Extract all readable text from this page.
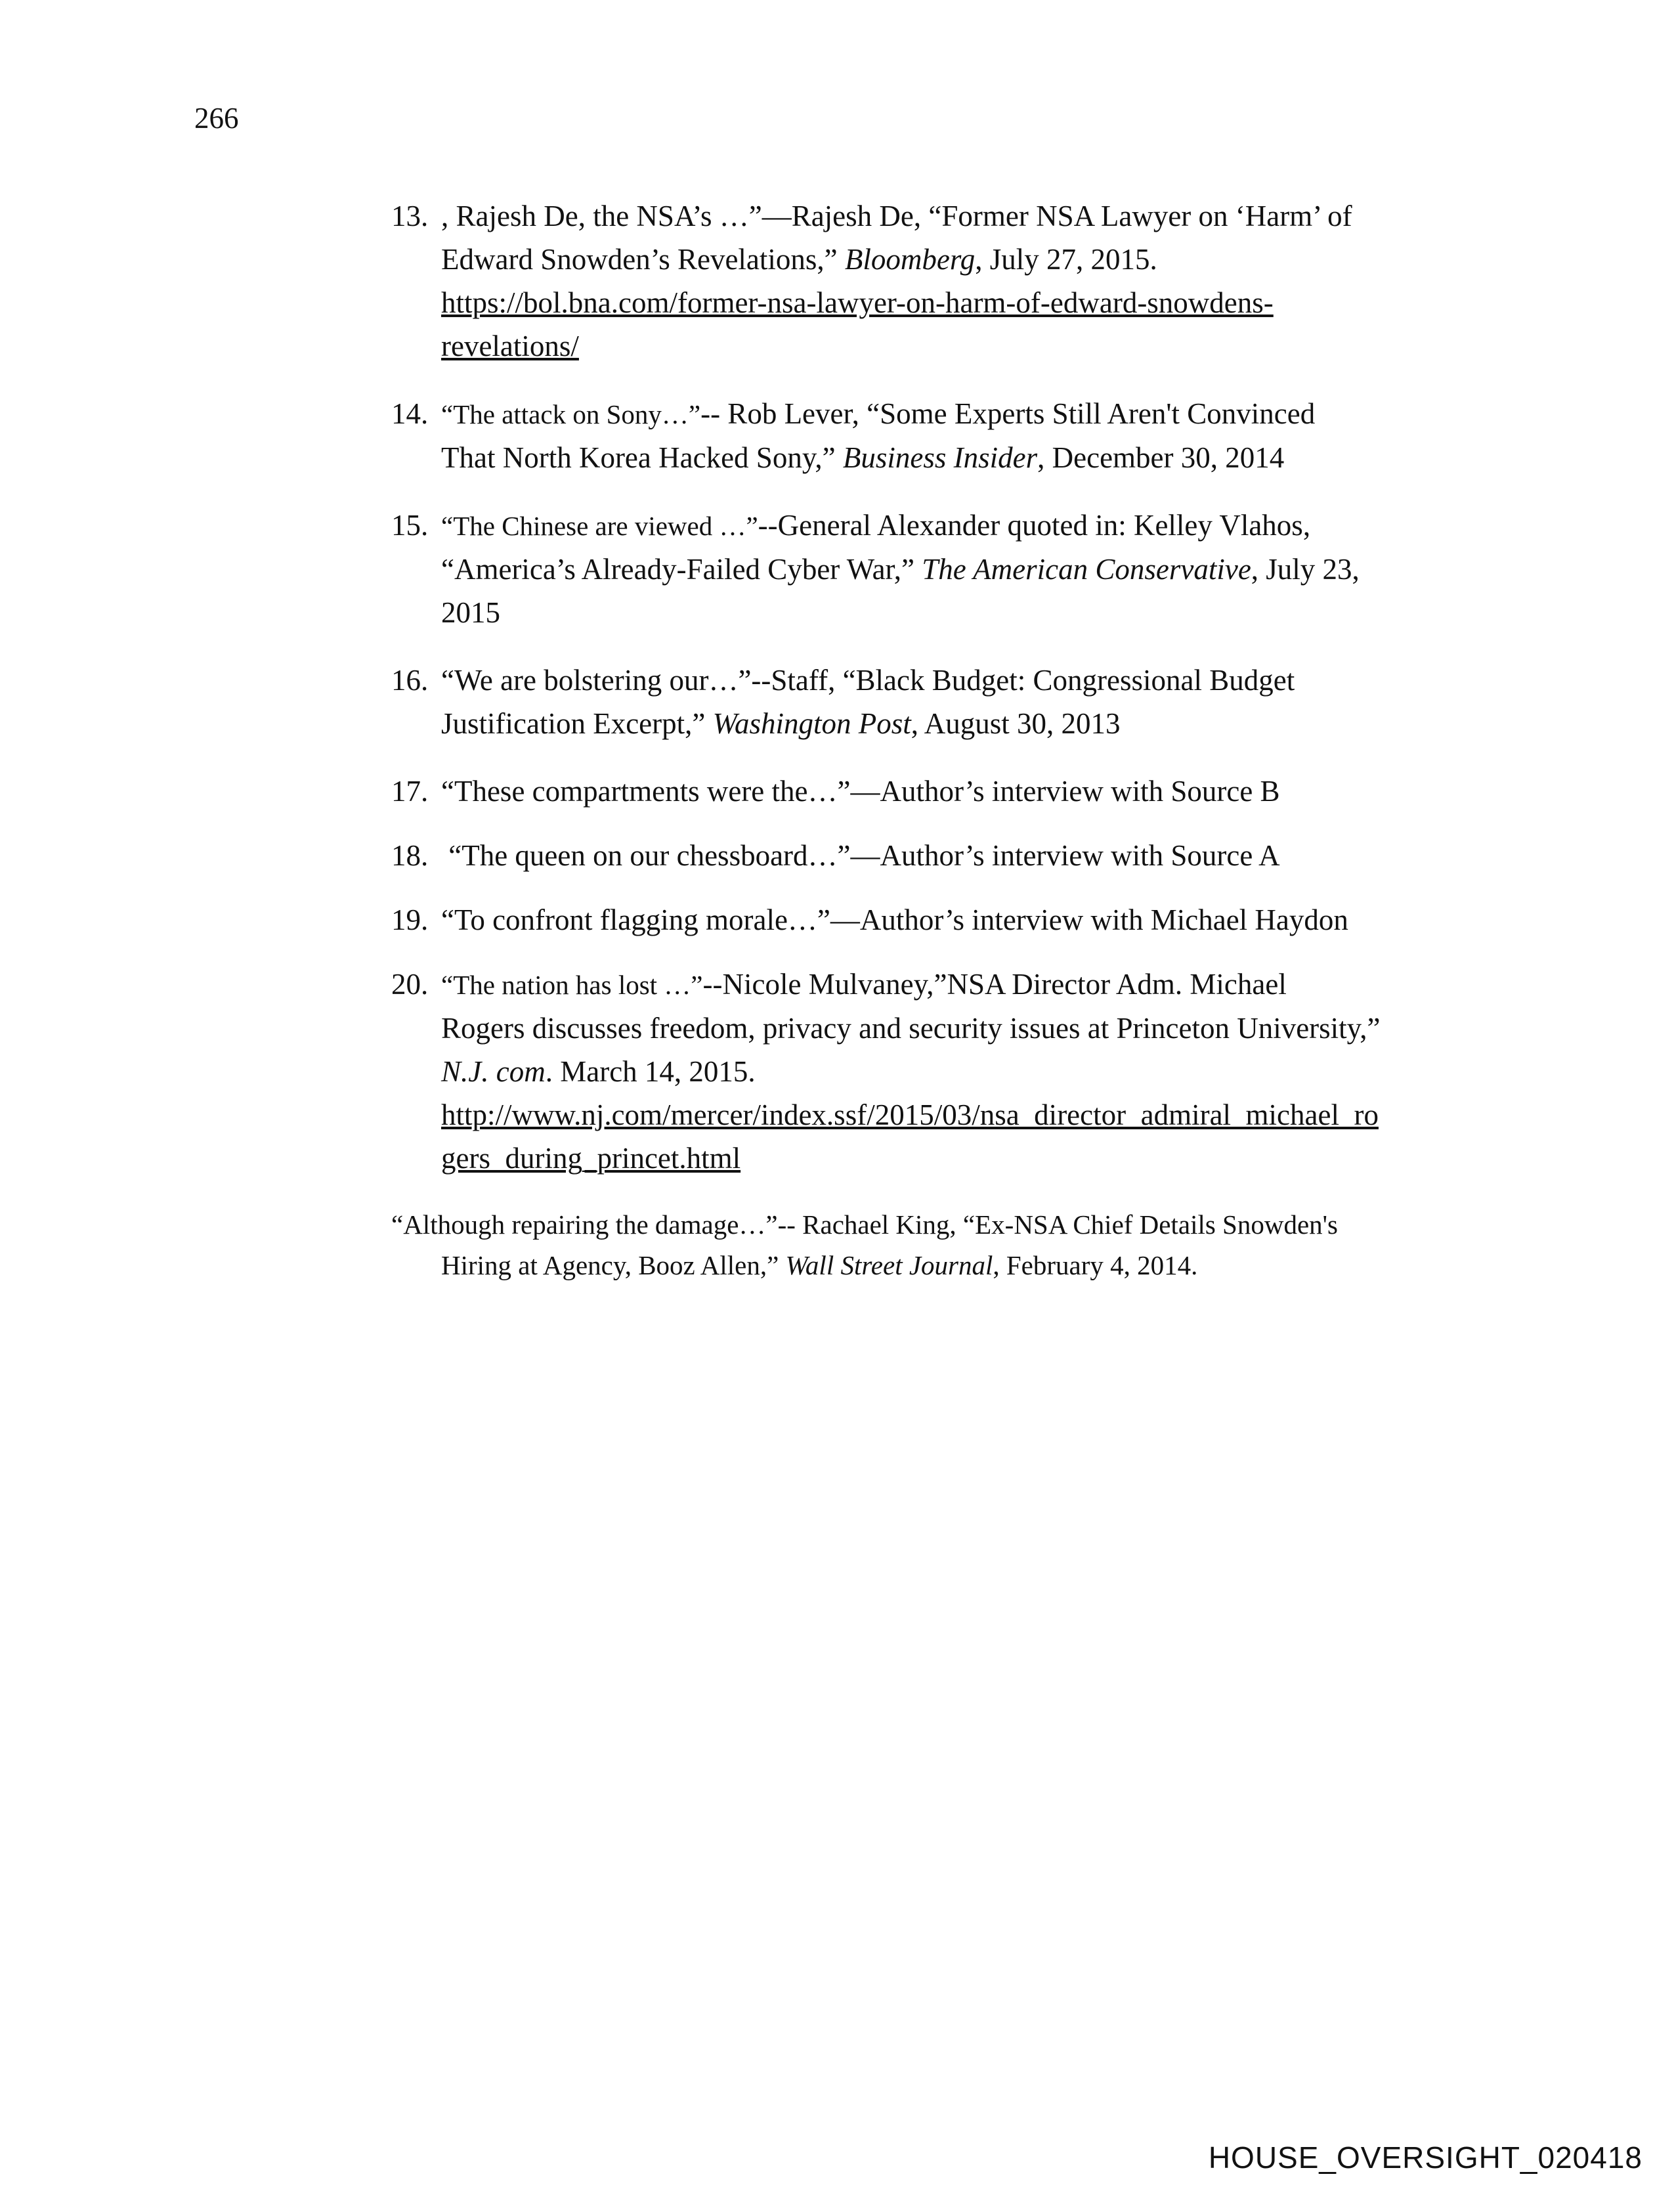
266
13. , Rajesh De, the NSA’s …”—Rajesh De, “Former NSA Lawyer on ‘Harm’ of
Edward Snowden’s Revelations,” Bloomberg, July 27, 2015.
https://bol.bna.com/former-nsa-lawyer-on-harm-of-edward-snowdens-
revelations/
14. “The attack on Sony…”-- Rob Lever, “Some Experts Still Aren't Convinced
That North Korea Hacked Sony,” Business Insider, December 30, 2014
15. “The Chinese are viewed …”--General Alexander quoted in: Kelley Vlahos,
“America’s Already-Failed Cyber War,” The American Conservative, July 23,
2015
16. “We are bolstering our…”--Staff, “Black Budget: Congressional Budget
Justification Excerpt,” Washington Post, August 30, 2013
17. “These compartments were the…”—Author’s interview with Source B
18. “The queen on our chessboard…”—Author’s interview with Source A
19. “To confront flagging morale…”—Author’s interview with Michael Haydon
20. “The nation has lost …”--Nicole Mulvaney,”NSA Director Adm. Michael
Rogers discusses freedom, privacy and security issues at Princeton University,”
N.J. com. March 14, 2015.
http://www.nj.com/mercer/index.ssf/2015/03/nsa_director_admiral_michael_ro
gers_during_princet.html
“Although repairing the damage…”-- Rachael King, “Ex-NSA Chief Details Snowden's
Hiring at Agency, Booz Allen,” Wall Street Journal, February 4, 2014.
HOUSE_OVERSIGHT_020418
